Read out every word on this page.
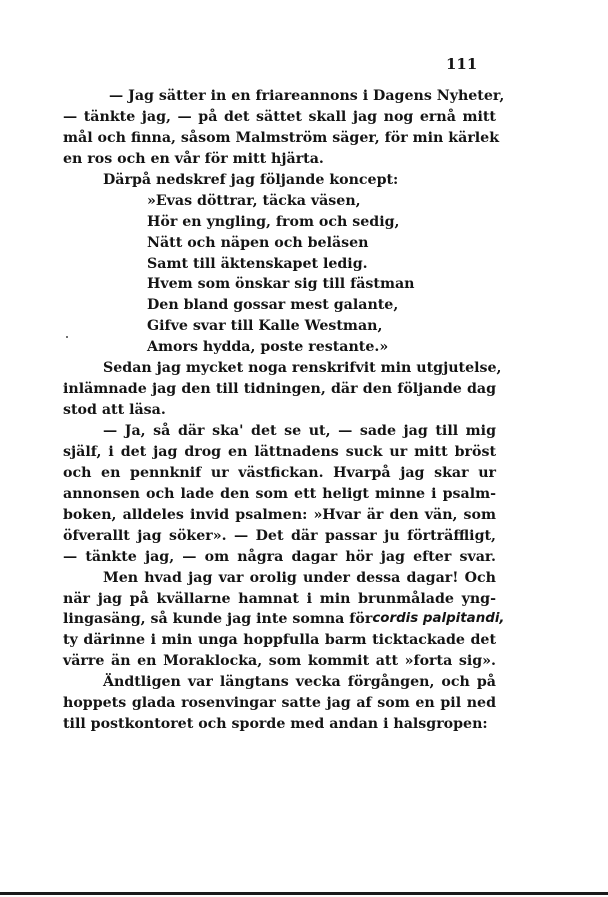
111
— Jag sätter in en friareannons i Dagens Nyheter,
— tänkte jag, — på det sättet skall jag nog ernå mitt
mål och finna, såsom Malmström säger, för min kärlek
en ros och en vår för mitt hjärta.
Därpå nedskref jag följande koncept:
»Evas döttrar, täcka väsen,
Hör en yngling, from och sedig,
Nätt och näpen och beläsen
Samt till äktenskapet ledig.
Hvem som önskar sig till fästman
Den bland gossar mest galante,
Gifve svar till Kalle Westman,
Amors hydda, poste restante.»
Sedan jag mycket noga renskrifvit min utgjutelse,
inlämnade jag den till tidningen, där den följande dag
stod att läsa.
— Ja, så där ska' det se ut, — sade jag till mig
själf, i det jag drog en lättnadens suck ur mitt bröst
och en pennknif ur västfickan. Hvarpå jag skar ur
annonsen och lade den som ett heligt minne i psalm-
boken, alldeles invid psalmen: »Hvar är den vän, som
öfverallt jag söker». — Det där passar ju förträffligt,
— tänkte jag, — om några dagar hör jag efter svar.
Men hvad jag var orolig under dessa dagar! Och
när jag på kvällarne hamnat i min brunmålade yng-
lingasäng, så kunde jag inte somna för cordis palpitandi,
ty därinne i min unga hoppfulla barm ticktackade det
värre än en Moraklocka, som kommit att »forta sig».
Ändtligen var längtans vecka förgången, och på
hoppets glada rosenvingar satte jag af som en pil ned
till postkontoret och sporde med andan i halsgropen:
